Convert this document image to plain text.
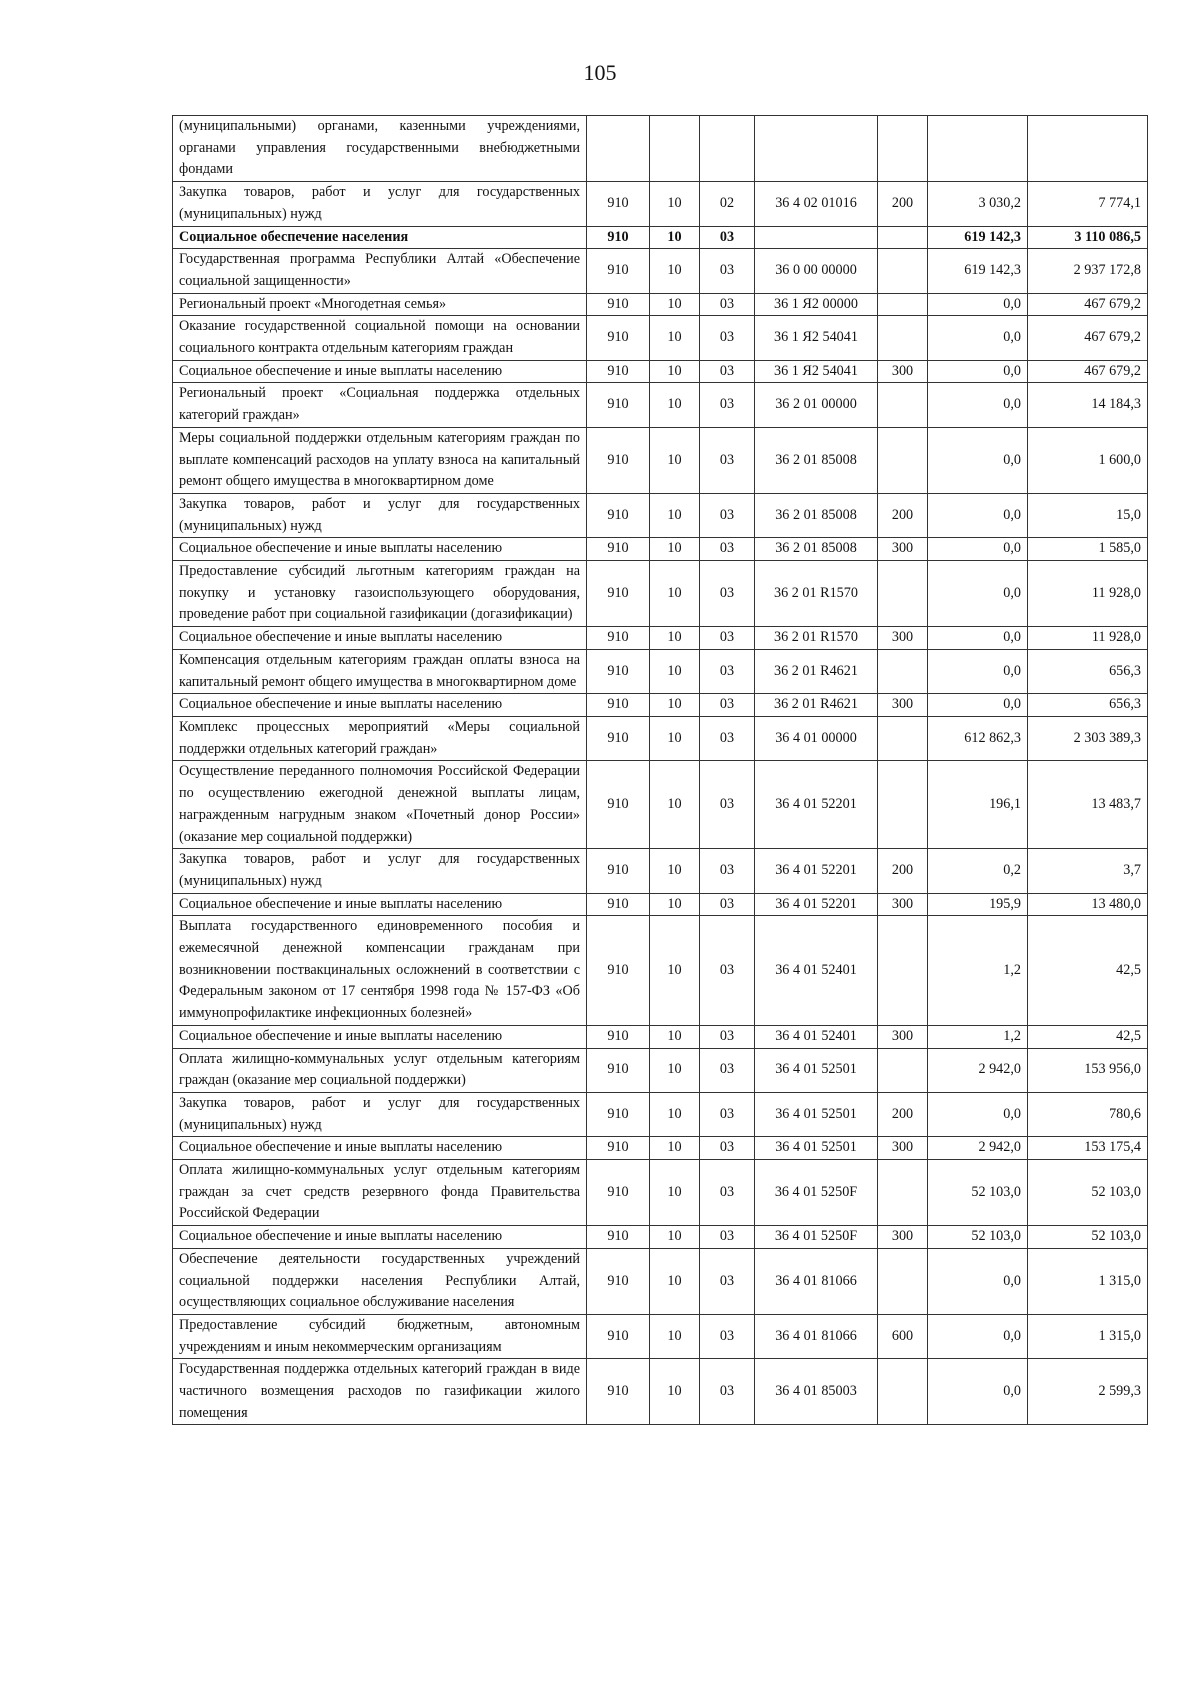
105
(муниципальными) органами, казенными учреждениями, органами управления государственными внебюджетными фондами							
Закупка товаров, работ и услуг для государственных (муниципальных) нужд	910	10	02	36 4 02 01016	200	3 030,2	7 774,1
Социальное обеспечение населения	910	10	03			619 142,3	3 110 086,5
Государственная программа Республики Алтай «Обеспечение социальной защищенности»	910	10	03	36 0 00 00000		619 142,3	2 937 172,8
Региональный проект «Многодетная семья»	910	10	03	36 1 Я2 00000		0,0	467 679,2
Оказание государственной социальной помощи на основании социального контракта отдельным категориям граждан	910	10	03	36 1 Я2 54041		0,0	467 679,2
Социальное обеспечение и иные выплаты населению	910	10	03	36 1 Я2 54041	300	0,0	467 679,2
Региональный проект «Социальная поддержка отдельных категорий граждан»	910	10	03	36 2 01 00000		0,0	14 184,3
Меры социальной поддержки отдельным категориям граждан по выплате компенсаций расходов на уплату взноса на капитальный ремонт общего имущества в многоквартирном доме	910	10	03	36 2 01 85008		0,0	1 600,0
Закупка товаров, работ и услуг для государственных (муниципальных) нужд	910	10	03	36 2 01 85008	200	0,0	15,0
Социальное обеспечение и иные выплаты населению	910	10	03	36 2 01 85008	300	0,0	1 585,0
Предоставление субсидий льготным категориям граждан на покупку и установку газоиспользующего оборудования, проведение работ при социальной газификации (догазификации)	910	10	03	36 2 01 R1570		0,0	11 928,0
Социальное обеспечение и иные выплаты населению	910	10	03	36 2 01 R1570	300	0,0	11 928,0
Компенсация отдельным категориям граждан оплаты взноса на капитальный ремонт общего имущества в многоквартирном доме	910	10	03	36 2 01 R4621		0,0	656,3
Социальное обеспечение и иные выплаты населению	910	10	03	36 2 01 R4621	300	0,0	656,3
Комплекс процессных мероприятий «Меры социальной поддержки отдельных категорий граждан»	910	10	03	36 4 01 00000		612 862,3	2 303 389,3
Осуществление переданного полномочия Российской Федерации по осуществлению ежегодной денежной выплаты лицам, награжденным нагрудным знаком «Почетный донор России» (оказание мер социальной поддержки)	910	10	03	36 4 01 52201		196,1	13 483,7
Закупка товаров, работ и услуг для государственных (муниципальных) нужд	910	10	03	36 4 01 52201	200	0,2	3,7
Социальное обеспечение и иные выплаты населению	910	10	03	36 4 01 52201	300	195,9	13 480,0
Выплата государственного единовременного пособия и ежемесячной денежной компенсации гражданам при возникновении поствакцинальных осложнений в соответствии с Федеральным законом от 17 сентября 1998 года № 157-ФЗ «Об иммунопрофилактике инфекционных болезней»	910	10	03	36 4 01 52401		1,2	42,5
Социальное обеспечение и иные выплаты населению	910	10	03	36 4 01 52401	300	1,2	42,5
Оплата жилищно-коммунальных услуг отдельным категориям граждан (оказание мер социальной поддержки)	910	10	03	36 4 01 52501		2 942,0	153 956,0
Закупка товаров, работ и услуг для государственных (муниципальных) нужд	910	10	03	36 4 01 52501	200	0,0	780,6
Социальное обеспечение и иные выплаты населению	910	10	03	36 4 01 52501	300	2 942,0	153 175,4
Оплата жилищно-коммунальных услуг отдельным категориям граждан за счет средств резервного фонда Правительства Российской Федерации	910	10	03	36 4 01 5250F		52 103,0	52 103,0
Социальное обеспечение и иные выплаты населению	910	10	03	36 4 01 5250F	300	52 103,0	52 103,0
Обеспечение деятельности государственных учреждений социальной поддержки населения Республики Алтай, осуществляющих социальное обслуживание населения	910	10	03	36 4 01 81066		0,0	1 315,0
Предоставление субсидий бюджетным, автономным учреждениям и иным некоммерческим организациям	910	10	03	36 4 01 81066	600	0,0	1 315,0
Государственная поддержка отдельных категорий граждан в виде частичного возмещения расходов по газификации жилого помещения	910	10	03	36 4 01 85003		0,0	2 599,3
